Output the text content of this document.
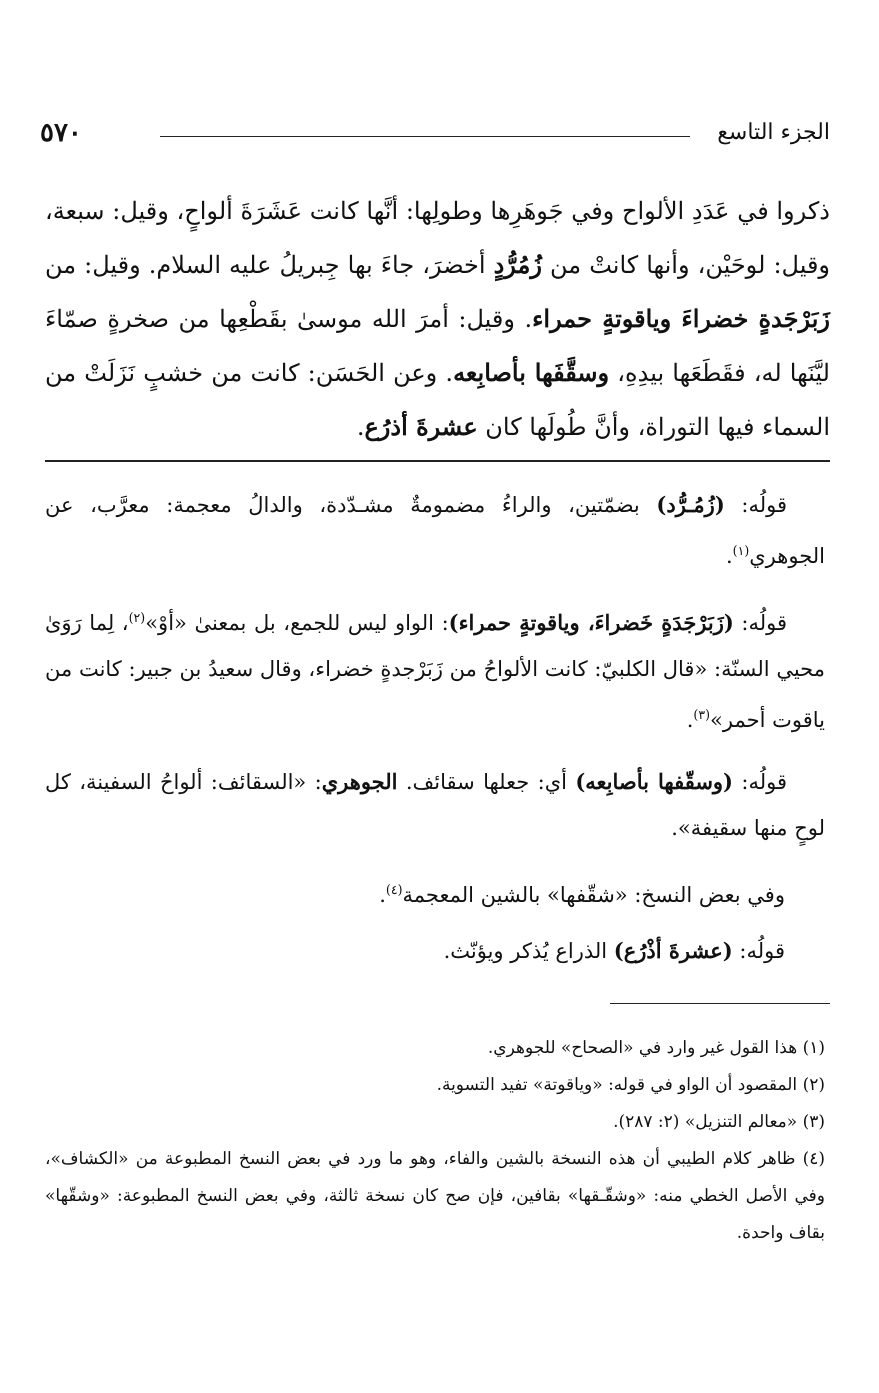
٥٧٠	الجزء التاسع

ذكروا في عَدَدِ الألواح وفي جَوهَرِها وطولِها: أنَّها كانت عَشَرَةَ ألواحٍ، وقيل: سبعة، وقيل: لوحَيْن، وأنها كانتْ من زُمُرُّدٍ أخضرَ، جاءَ بها جِبريلُ عليه السلام. وقيل: من زَبَرْجَدةٍ خضراءَ وياقوتةٍ حمراء. وقيل: أمرَ الله موسىٰ بقَطْعِها من صخرةٍ صمّاءَ ليَّنَها له، فقَطَعَها بيدِهِ، وسقَّفَها بأصابِعه. وعن الحَسَن: كانت من خشبٍ نَزَلَتْ من السماء فيها التوراة، وأنَّ طُولَها كان عشرةَ أذرُع.

قولُه: (زُمُـرُّد) بضمّتين، والراءُ مضمومةٌ مشـدّدة، والدالُ معجمة: معرَّب، عن الجوهري$^{(١)}$.

قولُه: (زَبَرْجَدَةٍ خَضراءَ، وياقوتةٍ حمراء): الواو ليس للجمع، بل بمعنىٰ «أوْ»$^{(٢)}$، لِما رَوَىٰ محيي السنّة: «قال الكلبيّ: كانت الألواحُ من زَبَرْجدةٍ خضراء، وقال سعيدُ بن جبير: كانت من ياقوت أحمر»$^{(٣)}$.

قولُه: (وسقّفها بأصابِعه) أي: جعلها سقائف. الجوهري: «السقائف: ألواحُ السفينة، كل لوحٍ منها سقيفة».

وفي بعض النسخ: «شقّفها» بالشين المعجمة$^{(٤)}$.

قولُه: (عشرةَ أذْرُع) الذراع يُذكر ويؤنّث.

(١) هذا القول غير وارد في «الصحاح» للجوهري.

(٢) المقصود أن الواو في قوله: «وياقوتة» تفيد التسوية.

(٣) «معالم التنزيل» (٢: ٢٨٧).

(٤) ظاهر كلام الطيبي أن هذه النسخة بالشين والفاء، وهو ما ورد في بعض النسخ المطبوعة من «الكشاف»، وفي الأصل الخطي منه: «وشقّـقها» بقافين، فإن صح كان نسخة ثالثة، وفي بعض النسخ المطبوعة: «وشقّها» بقاف واحدة.
